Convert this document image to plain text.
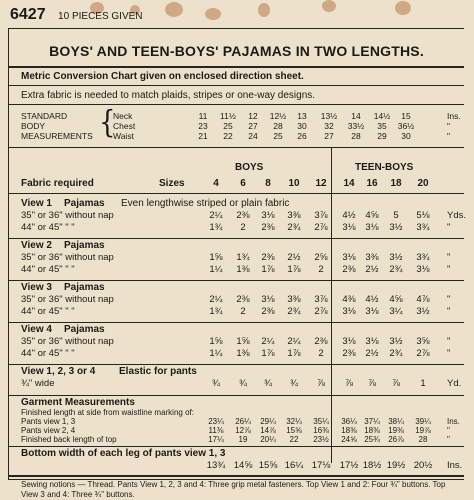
6427 10 PIECES GIVEN
BOYS' AND TEEN-BOYS' PAJAMAS IN TWO LENGTHS.
Metric Conversion Chart given on enclosed direction sheet.
Extra fabric is needed to match plaids, stripes or one-way designs.
STANDARD
BODY
MEASUREMENTS {
Neck	11	11½	12	12½	13	13½	14	14½	15	Ins.
Chest	23	25	27	28	30	32	33½	35	36½	"
Waist	21	22	24	25	26	27	28	29	30	"
BOYS	TEEN-BOYS
Fabric required	Sizes	4	6	8	10	12	14	16	18	20
View 1 Pajamas Even lengthwise striped or plain fabric
35" or 36" without nap	2¼	2⅜	3⅛	3⅜	3⅞	4½	4⅝	5	5⅛	Yds.
44" or 45" " "	1¾	2	2⅜	2¾	2⅞	3⅛	3⅛	3½	3¾	"
View 2 Pajamas
35" or 36" without nap	1⅝	1¾	2⅜	2½	2⅝	3⅛	3⅜	3½	3¾	"
44" or 45" " "	1¼	1⅜	1⅞	1⅞	2	2⅜	2½	2¾	3⅛	"
View 3 Pajamas
35" or 36" without nap	2¼	2⅜	3⅛	3⅜	3⅞	4⅜	4½	4⅝	4⅞	"
44" or 45" " "	1¾	2	2⅜	2¾	2⅞	3⅛	3⅛	3¼	3½	"
View 4 Pajamas
35" or 36" without nap	1⅝	1⅝	2¼	2¼	2⅜	3⅛	3⅛	3½	3⅝	"
44" or 45" " "	1¼	1⅜	1⅞	1⅞	2	2⅜	2½	2¾	2⅞	"
View 1, 2, 3 or 4 Elastic for pants
¾" wide	¾	¾	¾	¾	⅞	⅞	⅞	⅞	1	Yd.
Garment Measurements
Finished length at side from waistline marking of:
Pants view 1, 3	23¼	26¼	29¼	32¼	35¼	36¼ 37¼	38¼	39¼	Ins.
Pants view 2, 4	11⅜	12⅞	14⅞	15⅝	16⅜	18⅜ 18⅜	19⅜	19⅞	"
Finished back length of top	17¼	19	20¼	22	23½	24⅝ 25¾	26⅞	28	"
Bottom width of each leg of pants view 1, 3
13¾ 14⅝ 15⅝ 16¼ 17⅛ 17½ 18½ 19½ 20½ Ins.
Sewing notions — Thread. Pants View 1, 2, 3 and 4: Three grip metal fasteners. Top View 1 and 2: Four ¾" buttons. Top View 3 and 4: Three ¾" buttons.
